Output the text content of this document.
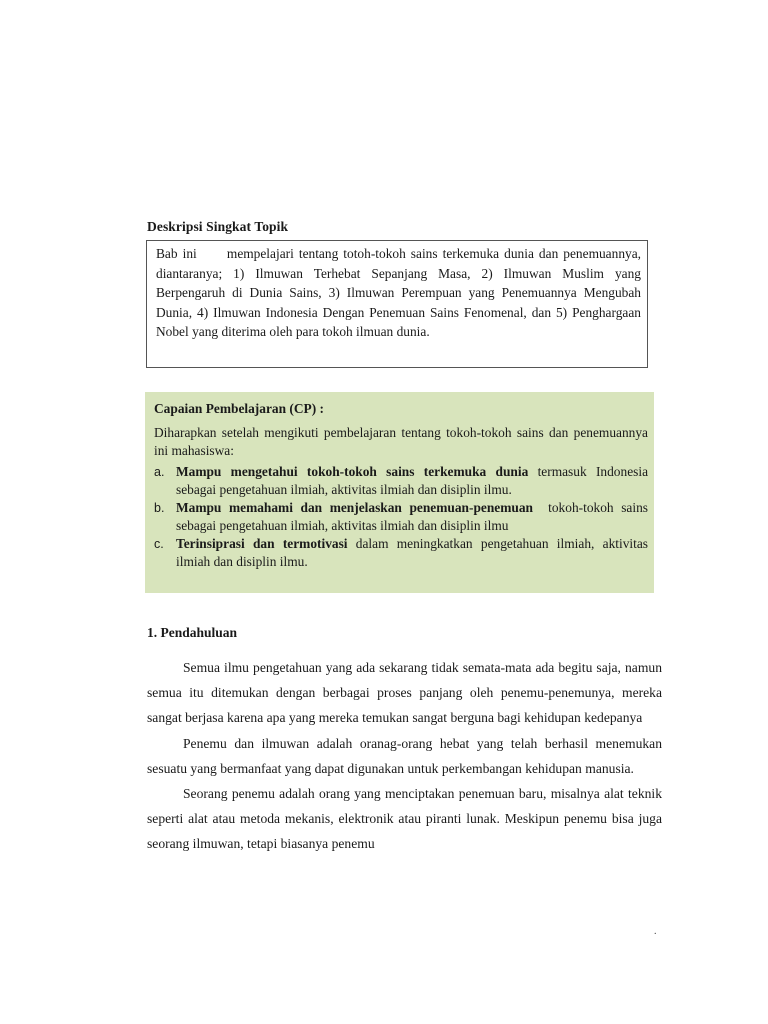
Deskripsi Singkat Topik
Bab ini      mempelajari tentang totoh-tokoh sains terkemuka dunia dan penemuannya, diantaranya; 1) Ilmuwan Terhebat Sepanjang Masa, 2) Ilmuwan Muslim yang Berpengaruh di Dunia Sains, 3) Ilmuwan Perempuan yang Penemuannya Mengubah Dunia, 4) Ilmuwan Indonesia Dengan Penemuan Sains Fenomenal, dan 5) Penghargaan Nobel yang diterima oleh para tokoh ilmuan dunia.
Capaian Pembelajaran (CP) :
Diharapkan setelah mengikuti pembelajaran tentang tokoh-tokoh sains dan penemuannya ini mahasiswa:
a. Mampu mengetahui tokoh-tokoh sains terkemuka dunia termasuk Indonesia sebagai pengetahuan ilmiah, aktivitas ilmiah dan disiplin ilmu.
b. Mampu memahami dan menjelaskan penemuan-penemuan  tokoh-tokoh sains  sebagai pengetahuan ilmiah, aktivitas ilmiah dan disiplin ilmu
c. Terinsiprasi dan termotivasi dalam meningkatkan pengetahuan ilmiah, aktivitas ilmiah dan disiplin ilmu.
1. Pendahuluan

Semua ilmu pengetahuan yang ada sekarang tidak semata-mata ada begitu saja, namun semua itu ditemukan dengan berbagai proses panjang oleh penemu-penemunya, mereka sangat berjasa karena apa yang mereka temukan sangat berguna bagi kehidupan kedepanya

Penemu dan ilmuwan adalah oranag-orang hebat yang telah berhasil menemukan sesuatu yang bermanfaat yang dapat digunakan untuk perkembangan kehidupan manusia.

Seorang penemu adalah orang yang menciptakan penemuan baru, misalnya alat teknik seperti alat atau metoda mekanis, elektronik atau piranti lunak. Meskipun penemu bisa juga seorang ilmuwan, tetapi biasanya penemu

.
